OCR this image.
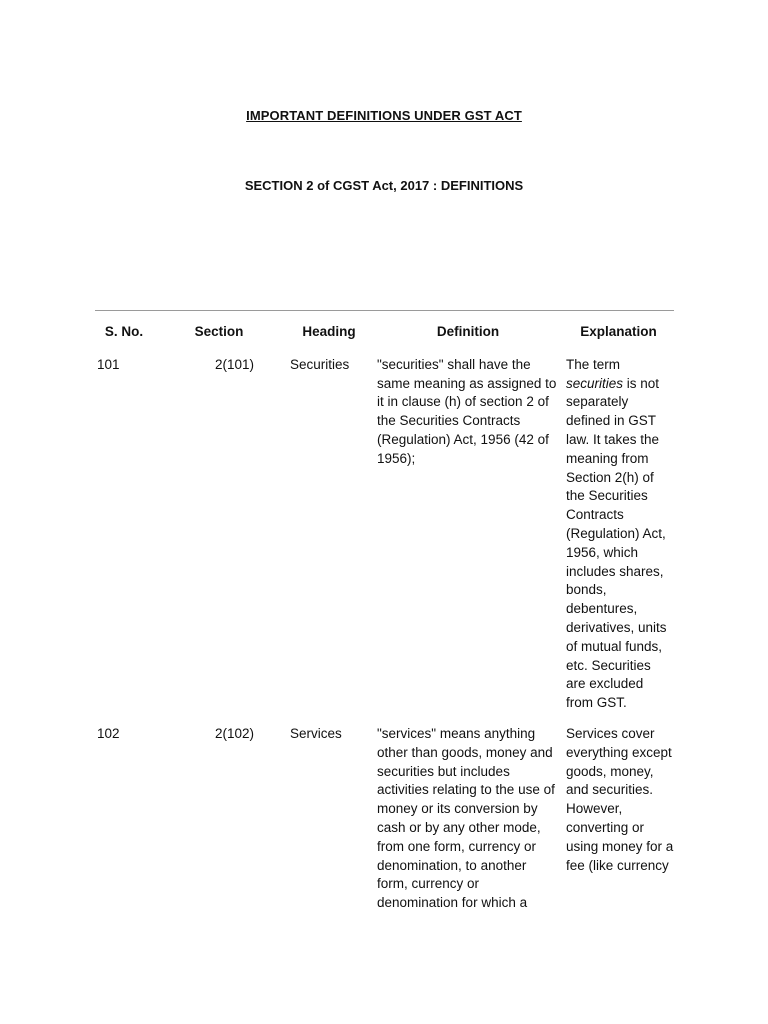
IMPORTANT DEFINITIONS UNDER GST ACT
SECTION 2 of CGST Act, 2017 : DEFINITIONS
S. No.	Section	Heading	Definition	Explanation
101	2(101)	Securities	"securities" shall have the same meaning as assigned to it in clause (h) of section 2 of the Securities Contracts (Regulation) Act, 1956 (42 of 1956);	The term securities is not separately defined in GST law. It takes the meaning from Section 2(h) of the Securities Contracts (Regulation) Act, 1956, which includes shares, bonds, debentures, derivatives, units of mutual funds, etc. Securities are excluded from GST.
102	2(102)	Services	"services" means anything other than goods, money and securities but includes activities relating to the use of money or its conversion by cash or by any other mode, from one form, currency or denomination, to another form, currency or denomination for which a	Services cover everything except goods, money, and securities. However, converting or using money for a fee (like currency
